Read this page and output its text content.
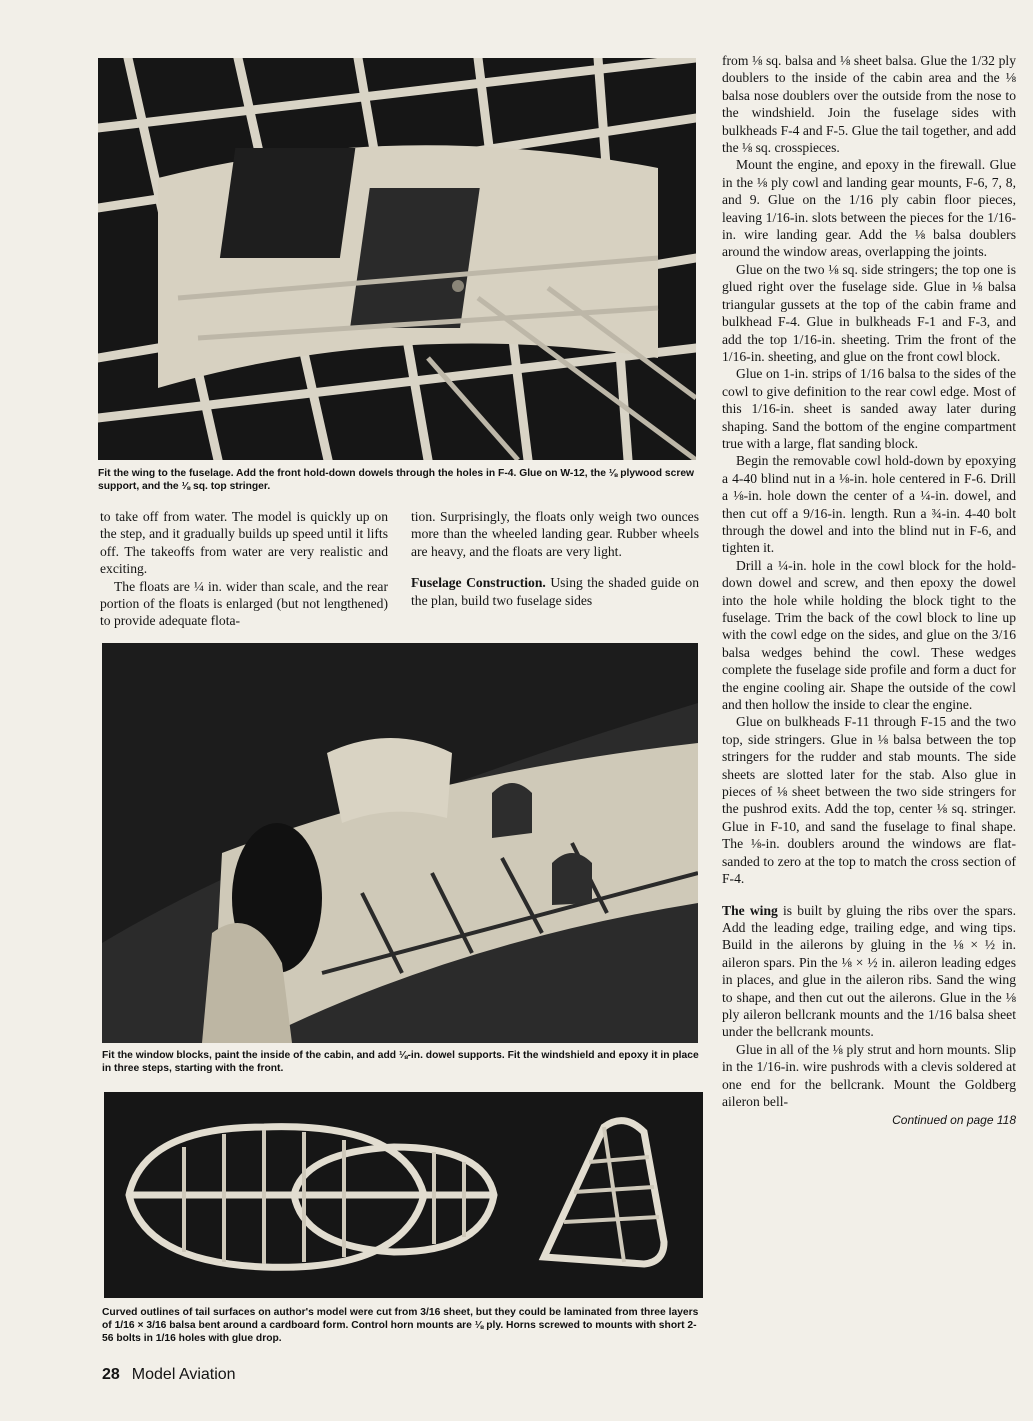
Fit the wing to the fuselage. Add the front hold-down dowels through the holes in F-4. Glue on W-12, the ⅛ plywood screw support, and the ⅛ sq. top stringer.

to take off from water. The model is quickly up on the step, and it gradually builds up speed until it lifts off. The takeoffs from water are very realistic and exciting.

The floats are ¼ in. wider than scale, and the rear portion of the floats is enlarged (but not lengthened) to provide adequate flota-

tion. Surprisingly, the floats only weigh two ounces more than the wheeled landing gear. Rubber wheels are heavy, and the floats are very light.

Fuselage Construction. Using the shaded guide on the plan, build two fuselage sides

Fit the window blocks, paint the inside of the cabin, and add ⅛-in. dowel supports. Fit the windshield and epoxy it in place in three steps, starting with the front.
Curved outlines of tail surfaces on author's model were cut from 3/16 sheet, but they could be laminated from three layers of 1/16 × 3/16 balsa bent around a cardboard form. Control horn mounts are ⅛ ply. Horns screwed to mounts with short 2-56 bolts in 1/16 holes with glue drop.

from ⅛ sq. balsa and ⅛ sheet balsa. Glue the 1/32 ply doublers to the inside of the cabin area and the ⅛ balsa nose doublers over the outside from the nose to the windshield. Join the fuselage sides with bulkheads F-4 and F-5. Glue the tail together, and add the ⅛ sq. crosspieces.

Mount the engine, and epoxy in the firewall. Glue in the ⅛ ply cowl and landing gear mounts, F-6, 7, 8, and 9. Glue on the 1/16 ply cabin floor pieces, leaving 1/16-in. slots between the pieces for the 1/16-in. wire landing gear. Add the ⅛ balsa doublers around the window areas, overlapping the joints.

Glue on the two ⅛ sq. side stringers; the top one is glued right over the fuselage side. Glue in ⅛ balsa triangular gussets at the top of the cabin frame and bulkhead F-4. Glue in bulkheads F-1 and F-3, and add the top 1/16-in. sheeting. Trim the front of the 1/16-in. sheeting, and glue on the front cowl block.

Glue on 1-in. strips of 1/16 balsa to the sides of the cowl to give definition to the rear cowl edge. Most of this 1/16-in. sheet is sanded away later during shaping. Sand the bottom of the engine compartment true with a large, flat sanding block.

Begin the removable cowl hold-down by epoxying a 4-40 blind nut in a ⅛-in. hole centered in F-6. Drill a ⅛-in. hole down the center of a ¼-in. dowel, and then cut off a 9/16-in. length. Run a ¾-in. 4-40 bolt through the dowel and into the blind nut in F-6, and tighten it.

Drill a ¼-in. hole in the cowl block for the hold-down dowel and screw, and then epoxy the dowel into the hole while holding the block tight to the fuselage. Trim the back of the cowl block to line up with the cowl edge on the sides, and glue on the 3/16 balsa wedges behind the cowl. These wedges complete the fuselage side profile and form a duct for the engine cooling air. Shape the outside of the cowl and then hollow the inside to clear the engine.

Glue on bulkheads F-11 through F-15 and the two top, side stringers. Glue in ⅛ balsa between the top stringers for the rudder and stab mounts. The side sheets are slotted later for the stab. Also glue in pieces of ⅛ sheet between the two side stringers for the pushrod exits. Add the top, center ⅛ sq. stringer. Glue in F-10, and sand the fuselage to final shape. The ⅛-in. doublers around the windows are flat-sanded to zero at the top to match the cross section of F-4.

The wing is built by gluing the ribs over the spars. Add the leading edge, trailing edge, and wing tips. Build in the ailerons by gluing in the ⅛ × ½ in. aileron spars. Pin the ⅛ × ½ in. aileron leading edges in places, and glue in the aileron ribs. Sand the wing to shape, and then cut out the ailerons. Glue in the ⅛ ply aileron bellcrank mounts and the 1/16 balsa sheet under the bellcrank mounts.

Glue in all of the ⅛ ply strut and horn mounts. Slip in the 1/16-in. wire pushrods with a clevis soldered at one end for the bellcrank. Mount the Goldberg aileron bell-

Continued on page 118
28 Model Aviation
